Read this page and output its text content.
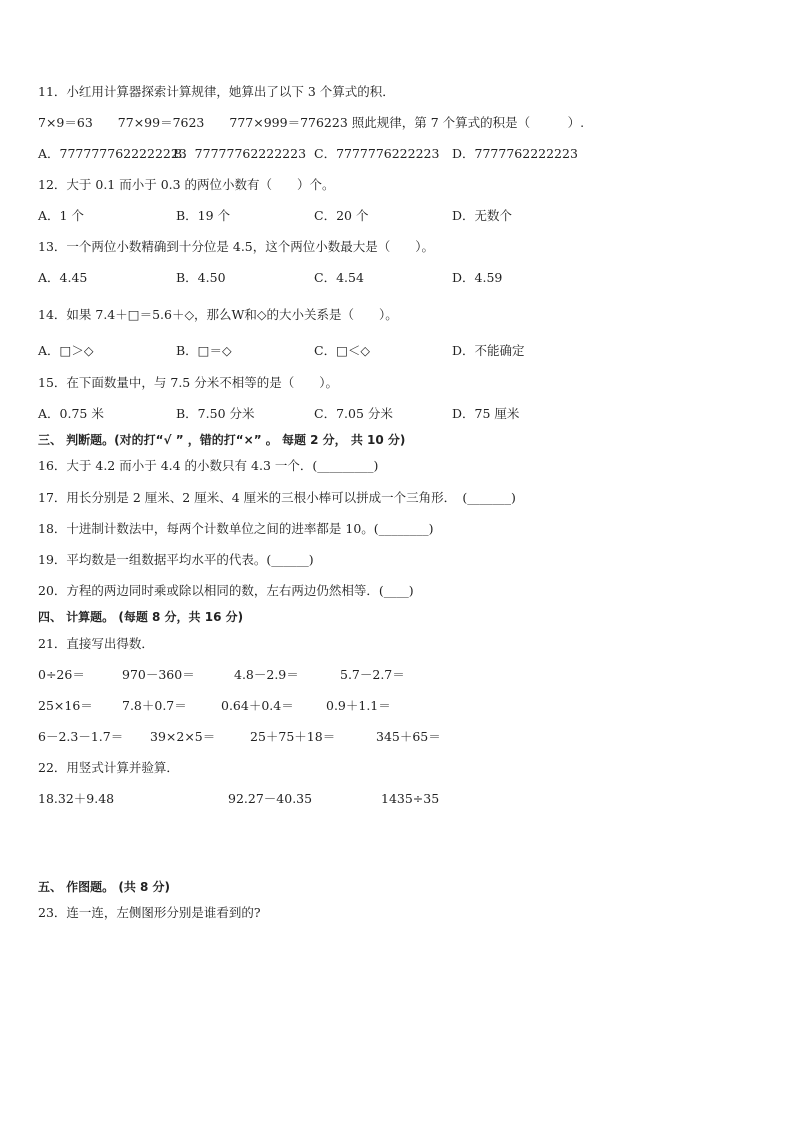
11．小红用计算器探索计算规律，她算出了以下 3 个算式的积．
7×9＝63　　77×99＝7623　　777×999＝776223 照此规律，第 7 个算式的积是（　　　）.
A．7777777622222223
B．77777762222223 C．7777776222223 D．7777762222223
12．大于 0.1 而小于 0.3 的两位小数有（　　）个。
A．1 个	B．19 个	C．20 个	D．无数个
13．一个两位小数精确到十分位是 4.5，这个两位小数最大是（　　）。
A．4.45	B．4.50	C．4.54	D．4.59
14．如果 7.4＋□＝5.6＋◇，那么W和◇的大小关系是（　　）。
A．□＞◇	B．□＝◇	C．□＜◇	D．不能确定
15．在下面数量中，与 7.5 分米不相等的是（　　）。
A．0.75 米	B．7.50 分米	C．7.05 分米	D．75 厘米
三、 判断题。(对的打“√ ” ，错的打“×” 。 每题 2 分， 共 10 分)
16．大于 4.2 而小于 4.4 的小数只有 4.3 一个．(_________)
17．用长分别是 2 厘米、2 厘米、4 厘米的三根小棒可以拼成一个三角形．　(_______)
18．十进制计数法中，每两个计数单位之间的进率都是 10。(________)
19．平均数是一组数据平均水平的代表。(______)
20．方程的两边同时乘或除以相同的数，左右两边仍然相等．(____)
四、 计算题。 (每题 8 分，共 16 分)
21．直接写出得数．
0÷26＝	970－360＝	4.8－2.9＝	5.7－2.7＝
25×16＝ 7.8＋0.7＝	0.64＋0.4＝	0.9＋1.1＝
6－2.3－1.7＝ 39×2×5＝	25＋75＋18＝	345＋65＝
22．用竖式计算并验算．
18.32＋9.48	92.27－40.35	1435÷35
五、 作图题。 (共 8 分)
23．连一连，左侧图形分别是谁看到的?
